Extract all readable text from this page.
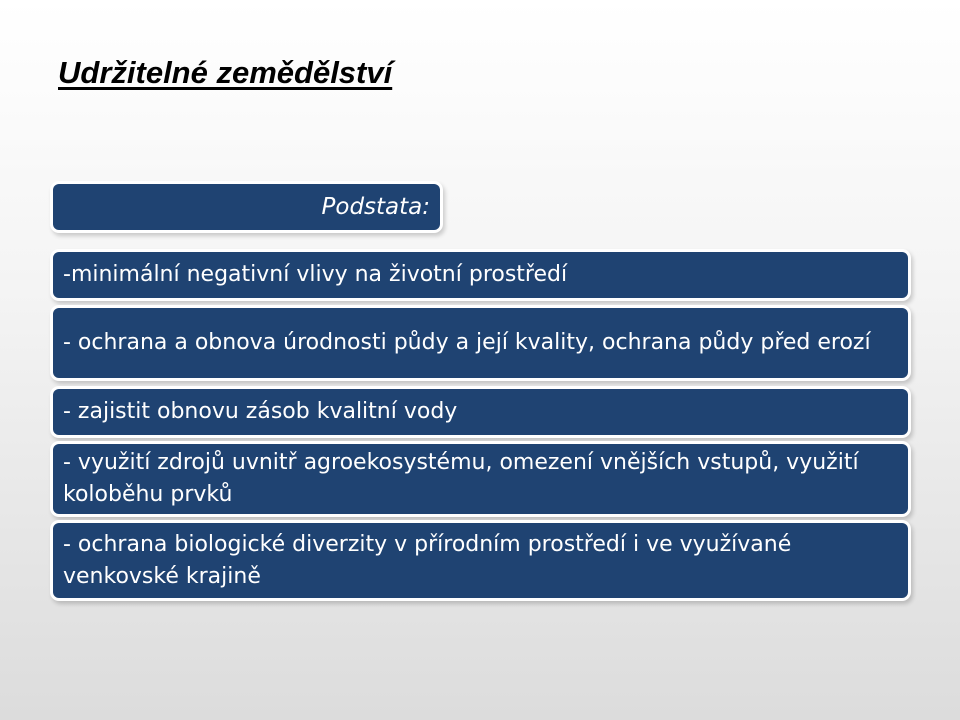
Udržitelné zemědělství
Podstata:
-minimální negativní vlivy na životní prostředí
- ochrana a obnova úrodnosti půdy a její kvality, ochrana půdy před erozí
- zajistit obnovu zásob kvalitní vody
- využití zdrojů uvnitř agroekosystému, omezení vnějších vstupů, využití koloběhu prvků
- ochrana biologické diverzity v přírodním prostředí i ve využívané venkovské krajině
